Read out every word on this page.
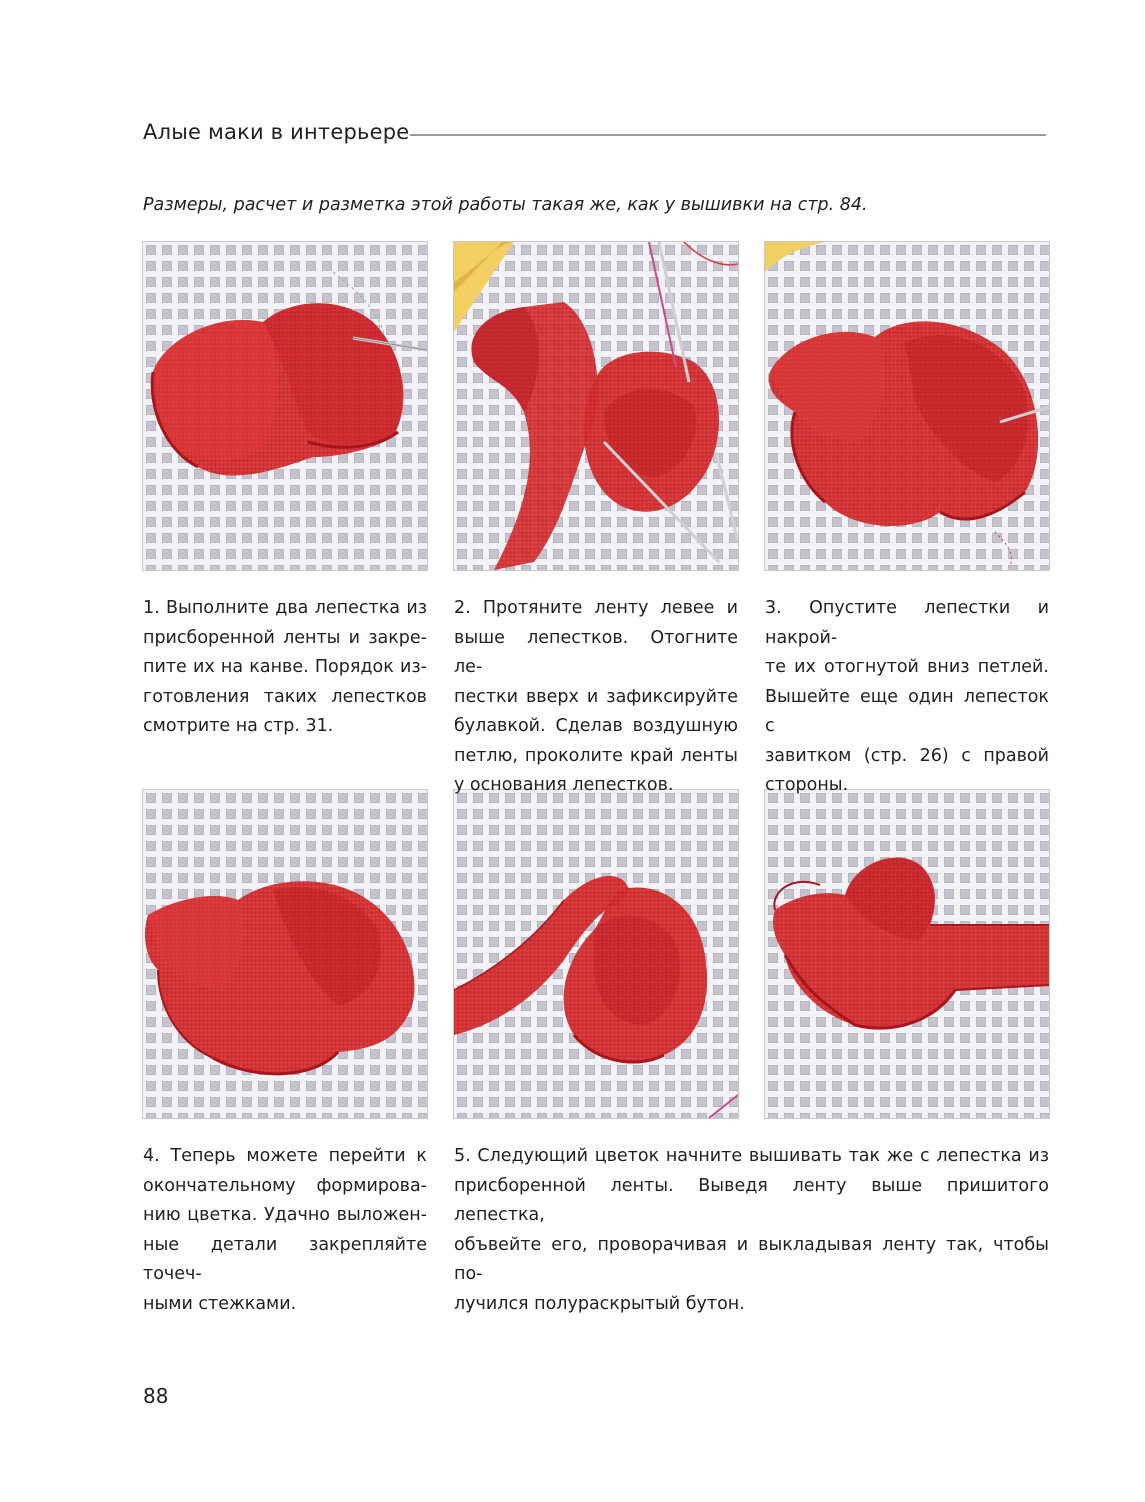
Алые маки в интерьере
Размеры, расчет и разметка этой работы такая же, как у вышивки на стр. 84.
1. Выполните два лепестка из
присборенной ленты и закре-
пите их на канве. Порядок из-
готовления таких лепестков
смотрите на стр. 31.
2. Протяните ленту левее и
выше лепестков. Отогните ле-
пестки вверх и зафиксируйте
булавкой. Сделав воздушную
петлю, проколите край ленты
у основания лепестков.
3. Опустите лепестки и накрой-
те их отогнутой вниз петлей.
Вышейте еще один лепесток с
завитком (стр. 26) с правой
стороны.
4. Теперь можете перейти к
окончательному формирова-
нию цветка. Удачно выложен-
ные детали закрепляйте точеч-
ными стежками.
5. Следующий цветок начните вышивать так же с лепестка из
присборенной ленты. Выведя ленту выше пришитого лепестка,
объвейте его, проворачивая и выкладывая ленту так, чтобы по-
лучился полураскрытый бутон.
88
